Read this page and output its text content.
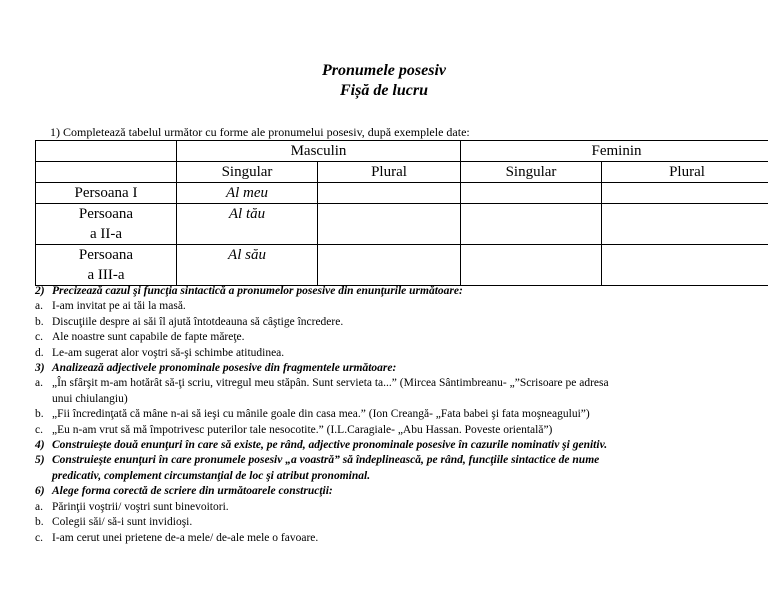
Pronumele posesiv
Fișă de lucru
1) Completează tabelul următor cu forme ale pronumelui posesiv, după exemplele date:
	Masculin		Feminin	
	Singular	Plural	Singular	Plural
Persoana I	Al meu			
Persoana
a II-a	Al tău			
Persoana
a III-a	Al său			
2) Precizează cazul şi funcţia sintactică a pronumelor posesive din enunţurile următoare:
a. I-am invitat pe ai tăi la masă.
b. Discuţiile despre ai săi îl ajută întotdeauna să câştige încredere.
c. Ale noastre sunt capabile de fapte măreţe.
d. Le-am sugerat alor voştri să-şi schimbe atitudinea.
3) Analizează adjectivele pronominale posesive din fragmentele următoare:
a. „În sfârşit m-am hotărât să-ţi scriu, vitregul meu stăpân. Sunt servieta ta...” (Mircea Sântimbreanu- „”Scrisoare pe adresa
unui chiulangiu)
b. „Fii încredinţată că mâne n-ai să ieşi cu mânile goale din casa mea.” (Ion Creangă- „Fata babei şi fata moşneagului”)
c. „Eu n-am vrut să mă împotrivesc puterilor tale nesocotite.” (I.L.Caragiale- „Abu Hassan. Poveste orientală”)
4) Construieşte două enunţuri în care să existe, pe rând, adjective pronominale posesive în cazurile nominativ şi genitiv.
5) Construieşte enunţuri în care pronumele posesiv „a voastră” să îndeplinească, pe rând, funcţiile sintactice de nume
predicativ, complement circumstanţial de loc şi atribut pronominal.
6) Alege forma corectă de scriere din următoarele construcţii:
a. Părinţii voştrii/ voştri sunt binevoitori.
b. Colegii săi/ să-i sunt invidioşi.
c. I-am cerut unei prietene de-a mele/ de-ale mele o favoare.
